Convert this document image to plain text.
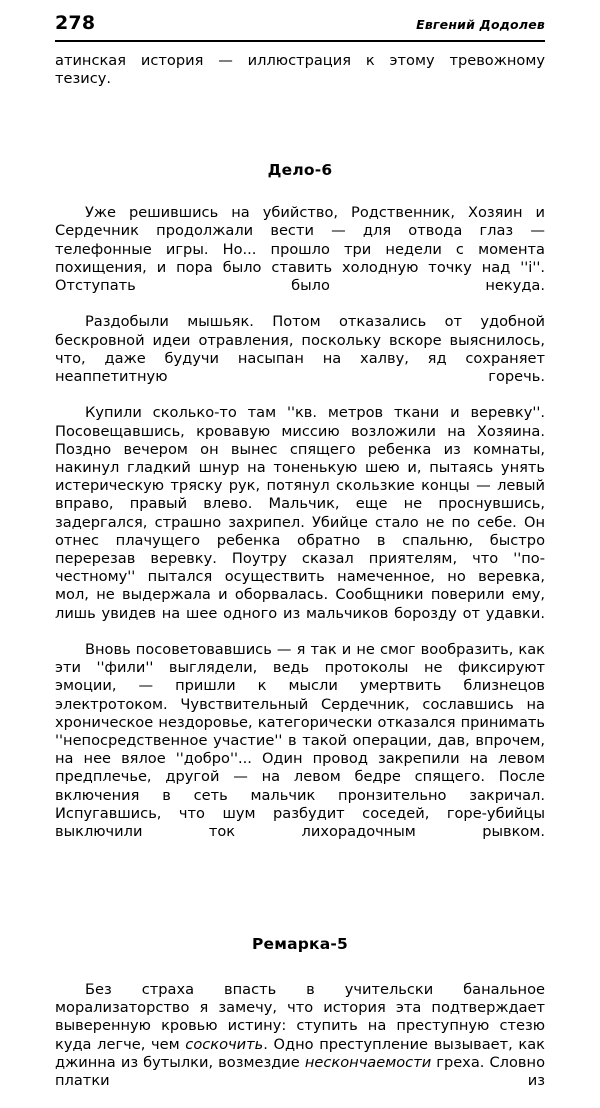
278	Евгений Додолев

атинская история — иллюстрация к этому тревожному тезису.

Дело-6

Уже решившись на убийство, Родственник, Хозяин и Сердечник продолжали вести — для отвода глаз — телефонные игры. Но... прошло три недели с момента похищения, и пора было ставить холодную точку над ''i''. Отступать было некуда.

Раздобыли мышьяк. Потом отказались от удобной бескровной идеи отравления, поскольку вскоре выяснилось, что, даже будучи насыпан на халву, яд сохраняет неаппетитную горечь.

Купили сколько-то там ''кв. метров ткани и веревку''. Посовещавшись, кровавую миссию возложили на Хозяина. Поздно вечером он вынес спящего ребенка из комнаты, накинул гладкий шнур на тоненькую шею и, пытаясь унять истерическую тряску рук, потянул скользкие концы — левый вправо, правый влево. Мальчик, еще не проснувшись, задергался, страшно захрипел. Убийце стало не по себе. Он отнес плачущего ребенка обратно в спальню, быстро перерезав веревку. Поутру сказал приятелям, что ''по-честному'' пытался осуществить намеченное, но веревка, мол, не выдержала и оборвалась. Сообщники поверили ему, лишь увидев на шее одного из мальчиков борозду от удавки.

Вновь посоветовавшись — я так и не смог вообразить, как эти ''фили'' выглядели, ведь протоколы не фиксируют эмоции, — пришли к мысли умертвить близнецов электротоком. Чувствительный Сердечник, сославшись на хроническое нездоровье, категорически отказался принимать ''непосредственное участие'' в такой операции, дав, впрочем, на нее вялое ''добро''... Один провод закрепили на левом предплечье, другой — на левом бедре спящего. После включения в сеть мальчик пронзительно закричал. Испугавшись, что шум разбудит соседей, горе-убийцы выключили ток лихорадочным рывком.

Ремарка-5

Без страха впасть в учительски банальное морализаторство я замечу, что история эта подтверждает выверенную кровью истину: ступить на преступную стезю куда легче, чем соскочить. Одно преступление вызывает, как джинна из бутылки, возмездие нескончаемости греха. Словно платки из
